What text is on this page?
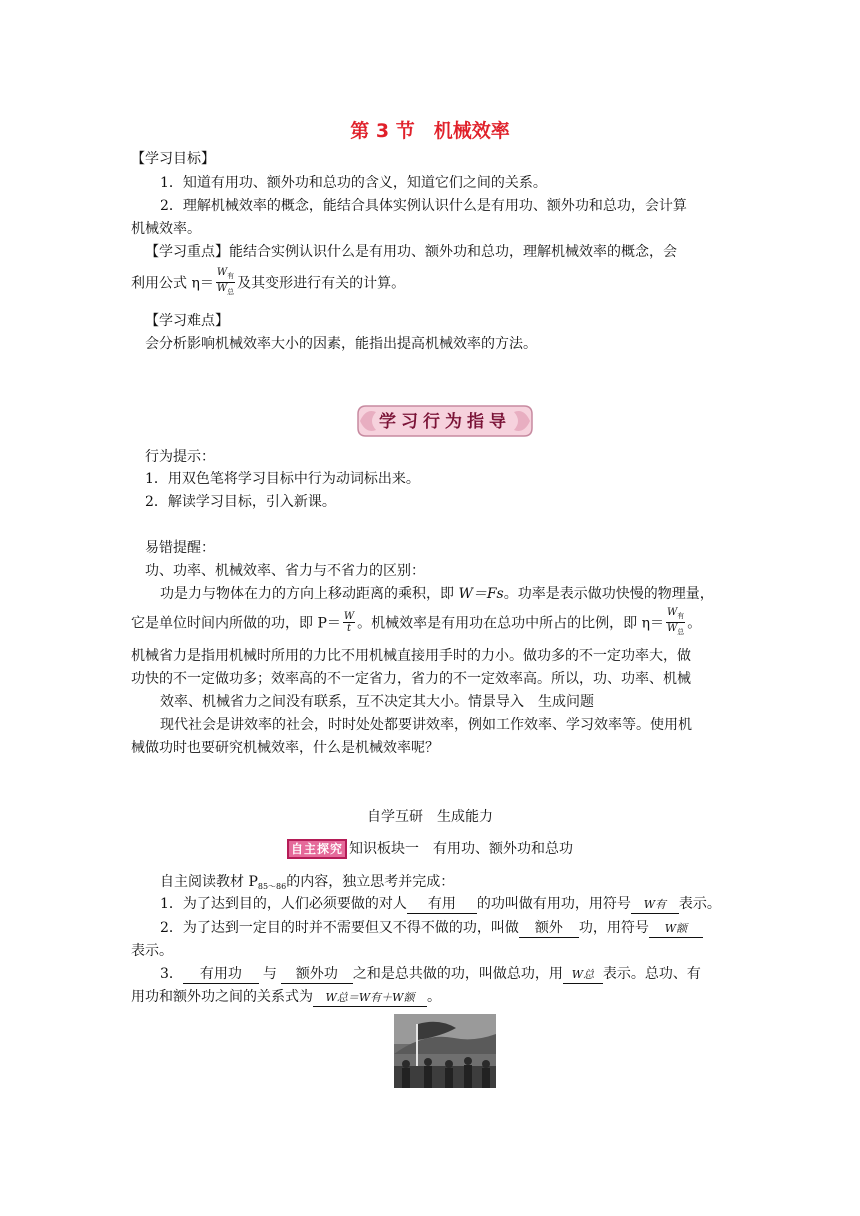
第 3 节　机械效率
【学习目标】
1．知道有用功、额外功和总功的含义，知道它们之间的关系。
2．理解机械效率的概念，能结合具体实例认识什么是有用功、额外功和总功，会计算
机械效率。
【学习重点】能结合实例认识什么是有用功、额外功和总功，理解机械效率的概念，会
利用公式 $\eta= \frac{W_有}{W_总}$ 及其变形进行有关的计算。
【学习难点】
会分析影响机械效率大小的因素，能指出提高机械效率的方法。
学习行为指导
行为提示：
1．用双色笔将学习目标中行为动词标出来。
2．解读学习目标，引入新课。
易错提醒：
功、功率、机械效率、省力与不省力的区别：
功是力与物体在力的方向上移动距离的乘积，即 W＝Fs。功率是表示做功快慢的物理量，
它是单位时间内所做的功，即 $P= \frac{W}{t}$ 。机械效率是有用功在总功中所占的比例，即 $\eta= \frac{W_有}{W_总}$ 。
机械省力是指用机械时所用的力比不用机械直接用手时的力小。做功多的不一定功率大，做
功快的不一定做功多；效率高的不一定省力，省力的不一定效率高。所以，功、功率、机械
效率、机械省力之间没有联系，互不决定其大小。情景导入　生成问题
现代社会是讲效率的社会，时时处处都要讲效率，例如工作效率、学习效率等。使用机
械做功时也要研究机械效率，什么是机械效率呢？
自学互研　生成能力
自主探究 知识板块一　有用功、额外功和总功
自主阅读教材 $P_{85\sim 86}$的内容，独立思考并完成：
1．为了达到目的，人们必须要做的对人 有用 的功叫做有用功，用符号 W有 表示。
2．为了达到一定目的时并不需要但又不得不做的功，叫做 额外 功，用符号 W额
表示。
3． 有用功 与 额外功 之和是总共做的功，叫做总功，用 W总 表示。总功、有
用功和额外功之间的关系式为 W总＝W有＋W额 。
